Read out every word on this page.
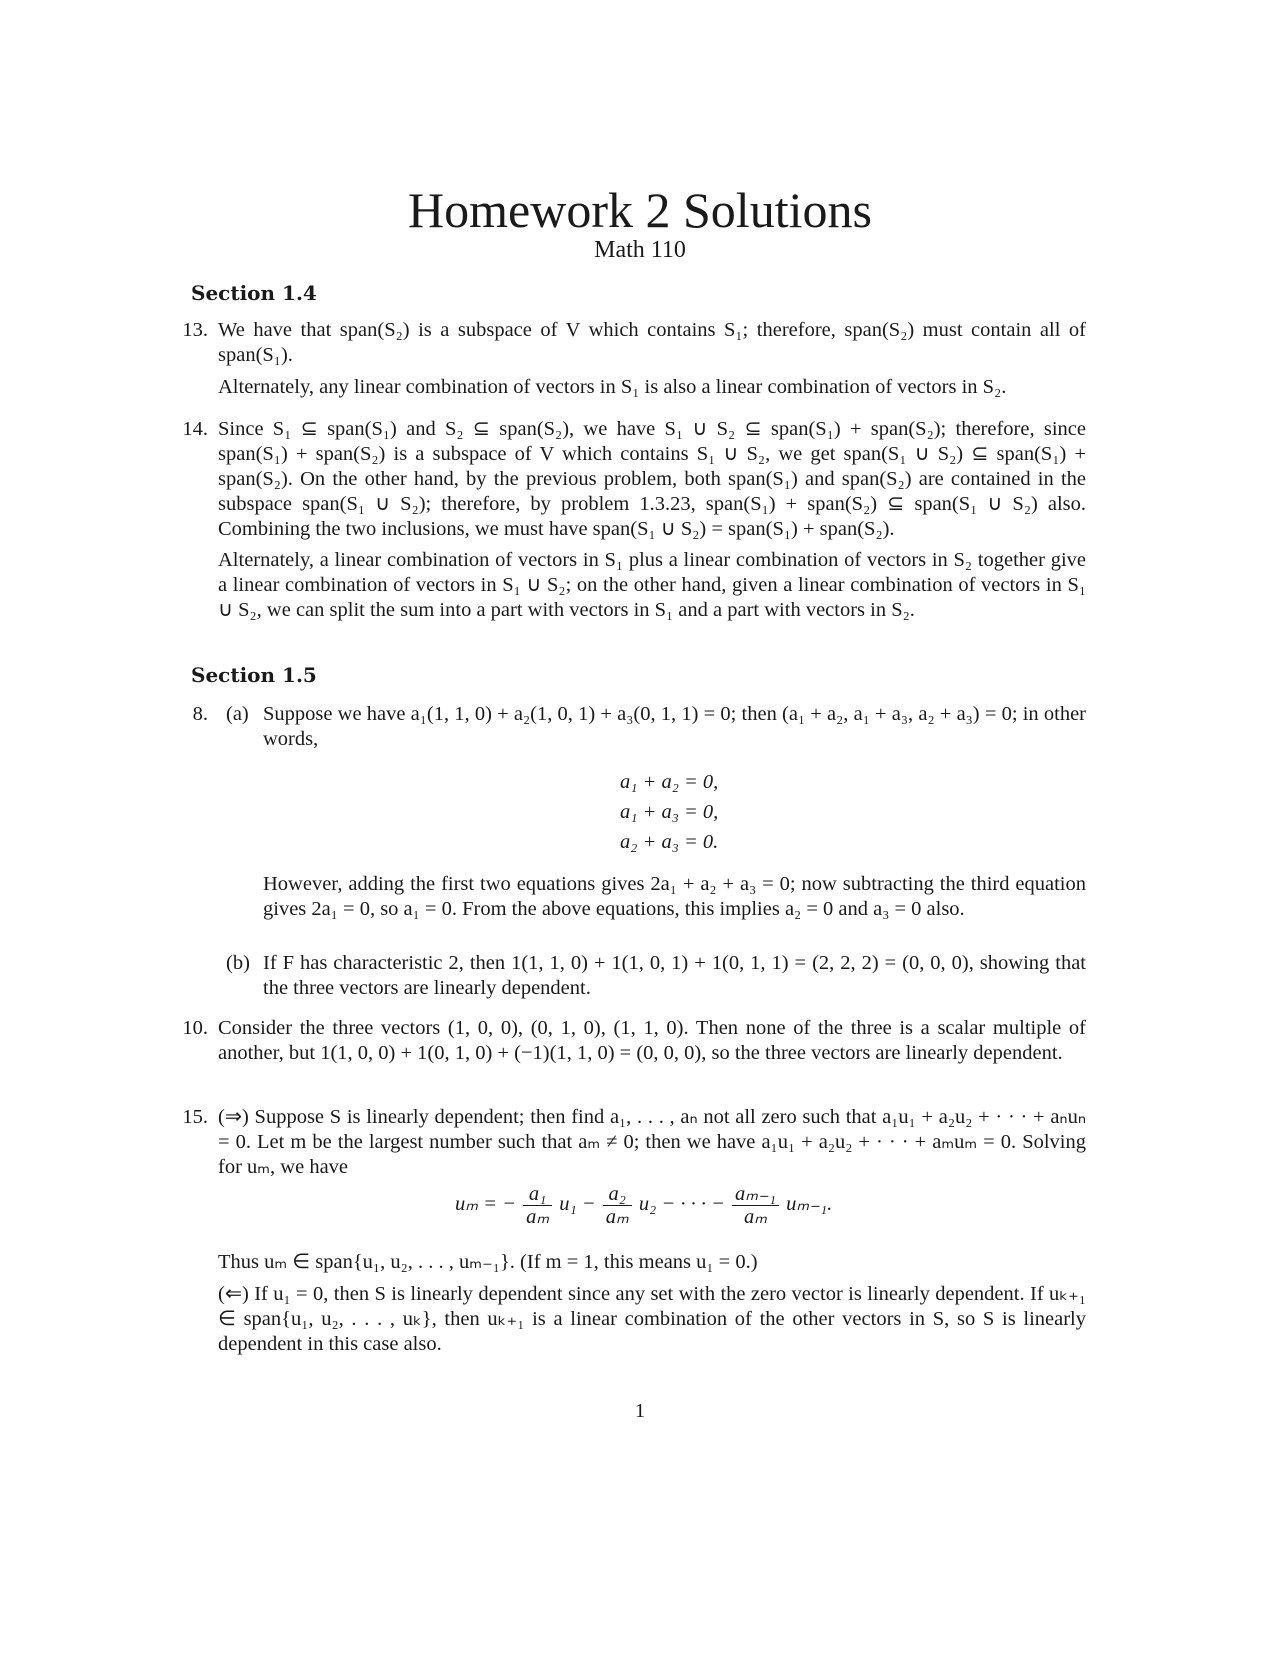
Homework 2 Solutions
Math 110
Section 1.4
13. We have that span(S₂) is a subspace of V which contains S₁; therefore, span(S₂) must contain all of span(S₁).
Alternately, any linear combination of vectors in S₁ is also a linear combination of vectors in S₂.
14. Since S₁ ⊆ span(S₁) and S₂ ⊆ span(S₂), we have S₁ ∪ S₂ ⊆ span(S₁) + span(S₂); therefore, since span(S₁) + span(S₂) is a subspace of V which contains S₁ ∪ S₂, we get span(S₁ ∪ S₂) ⊆ span(S₁) + span(S₂). On the other hand, by the previous problem, both span(S₁) and span(S₂) are contained in the subspace span(S₁ ∪ S₂); therefore, by problem 1.3.23, span(S₁) + span(S₂) ⊆ span(S₁ ∪ S₂) also. Combining the two inclusions, we must have span(S₁ ∪ S₂) = span(S₁) + span(S₂).
Alternately, a linear combination of vectors in S₁ plus a linear combination of vectors in S₂ together give a linear combination of vectors in S₁ ∪ S₂; on the other hand, given a linear combination of vectors in S₁ ∪ S₂, we can split the sum into a part with vectors in S₁ and a part with vectors in S₂.
Section 1.5
8. (a) Suppose we have a₁(1, 1, 0) + a₂(1, 0, 1) + a₃(0, 1, 1) = 0; then (a₁ + a₂, a₁ + a₃, a₂ + a₃) = 0; in other words,
a₁ + a₂ = 0,
a₁ + a₃ = 0,
a₂ + a₃ = 0.
However, adding the first two equations gives 2a₁ + a₂ + a₃ = 0; now subtracting the third equation gives 2a₁ = 0, so a₁ = 0. From the above equations, this implies a₂ = 0 and a₃ = 0 also.
(b) If F has characteristic 2, then 1(1, 1, 0) + 1(1, 0, 1) + 1(0, 1, 1) = (2, 2, 2) = (0, 0, 0), showing that the three vectors are linearly dependent.
10. Consider the three vectors (1, 0, 0), (0, 1, 0), (1, 1, 0). Then none of the three is a scalar multiple of another, but 1(1, 0, 0) + 1(0, 1, 0) + (−1)(1, 1, 0) = (0, 0, 0), so the three vectors are linearly dependent.
15. (⇒) Suppose S is linearly dependent; then find a₁, . . . , aₙ not all zero such that a₁u₁ + a₂u₂ + · · · + aₙuₙ = 0. Let m be the largest number such that aₘ ≠ 0; then we have a₁u₁ + a₂u₂ + · · · + aₘuₘ = 0. Solving for uₘ, we have
uₘ = − $\frac{\text{a₁}}{\text{aₘ}} u_1 - \frac{\text{a₂}}{\text{aₘ}} u_2$ − · · · − $\frac{\text{aₘ₋₁}}{\text{aₘ}} u_{m-1}$.
Thus uₘ ∈ span{u₁, u₂, . . . , uₘ₋₁}. (If m = 1, this means u₁ = 0.)
(⇐) If u₁ = 0, then S is linearly dependent since any set with the zero vector is linearly dependent. If uₖ₊₁ ∈ span{u₁, u₂, . . . , uₖ}, then uₖ₊₁ is a linear combination of the other vectors in S, so S is linearly dependent in this case also.
1
